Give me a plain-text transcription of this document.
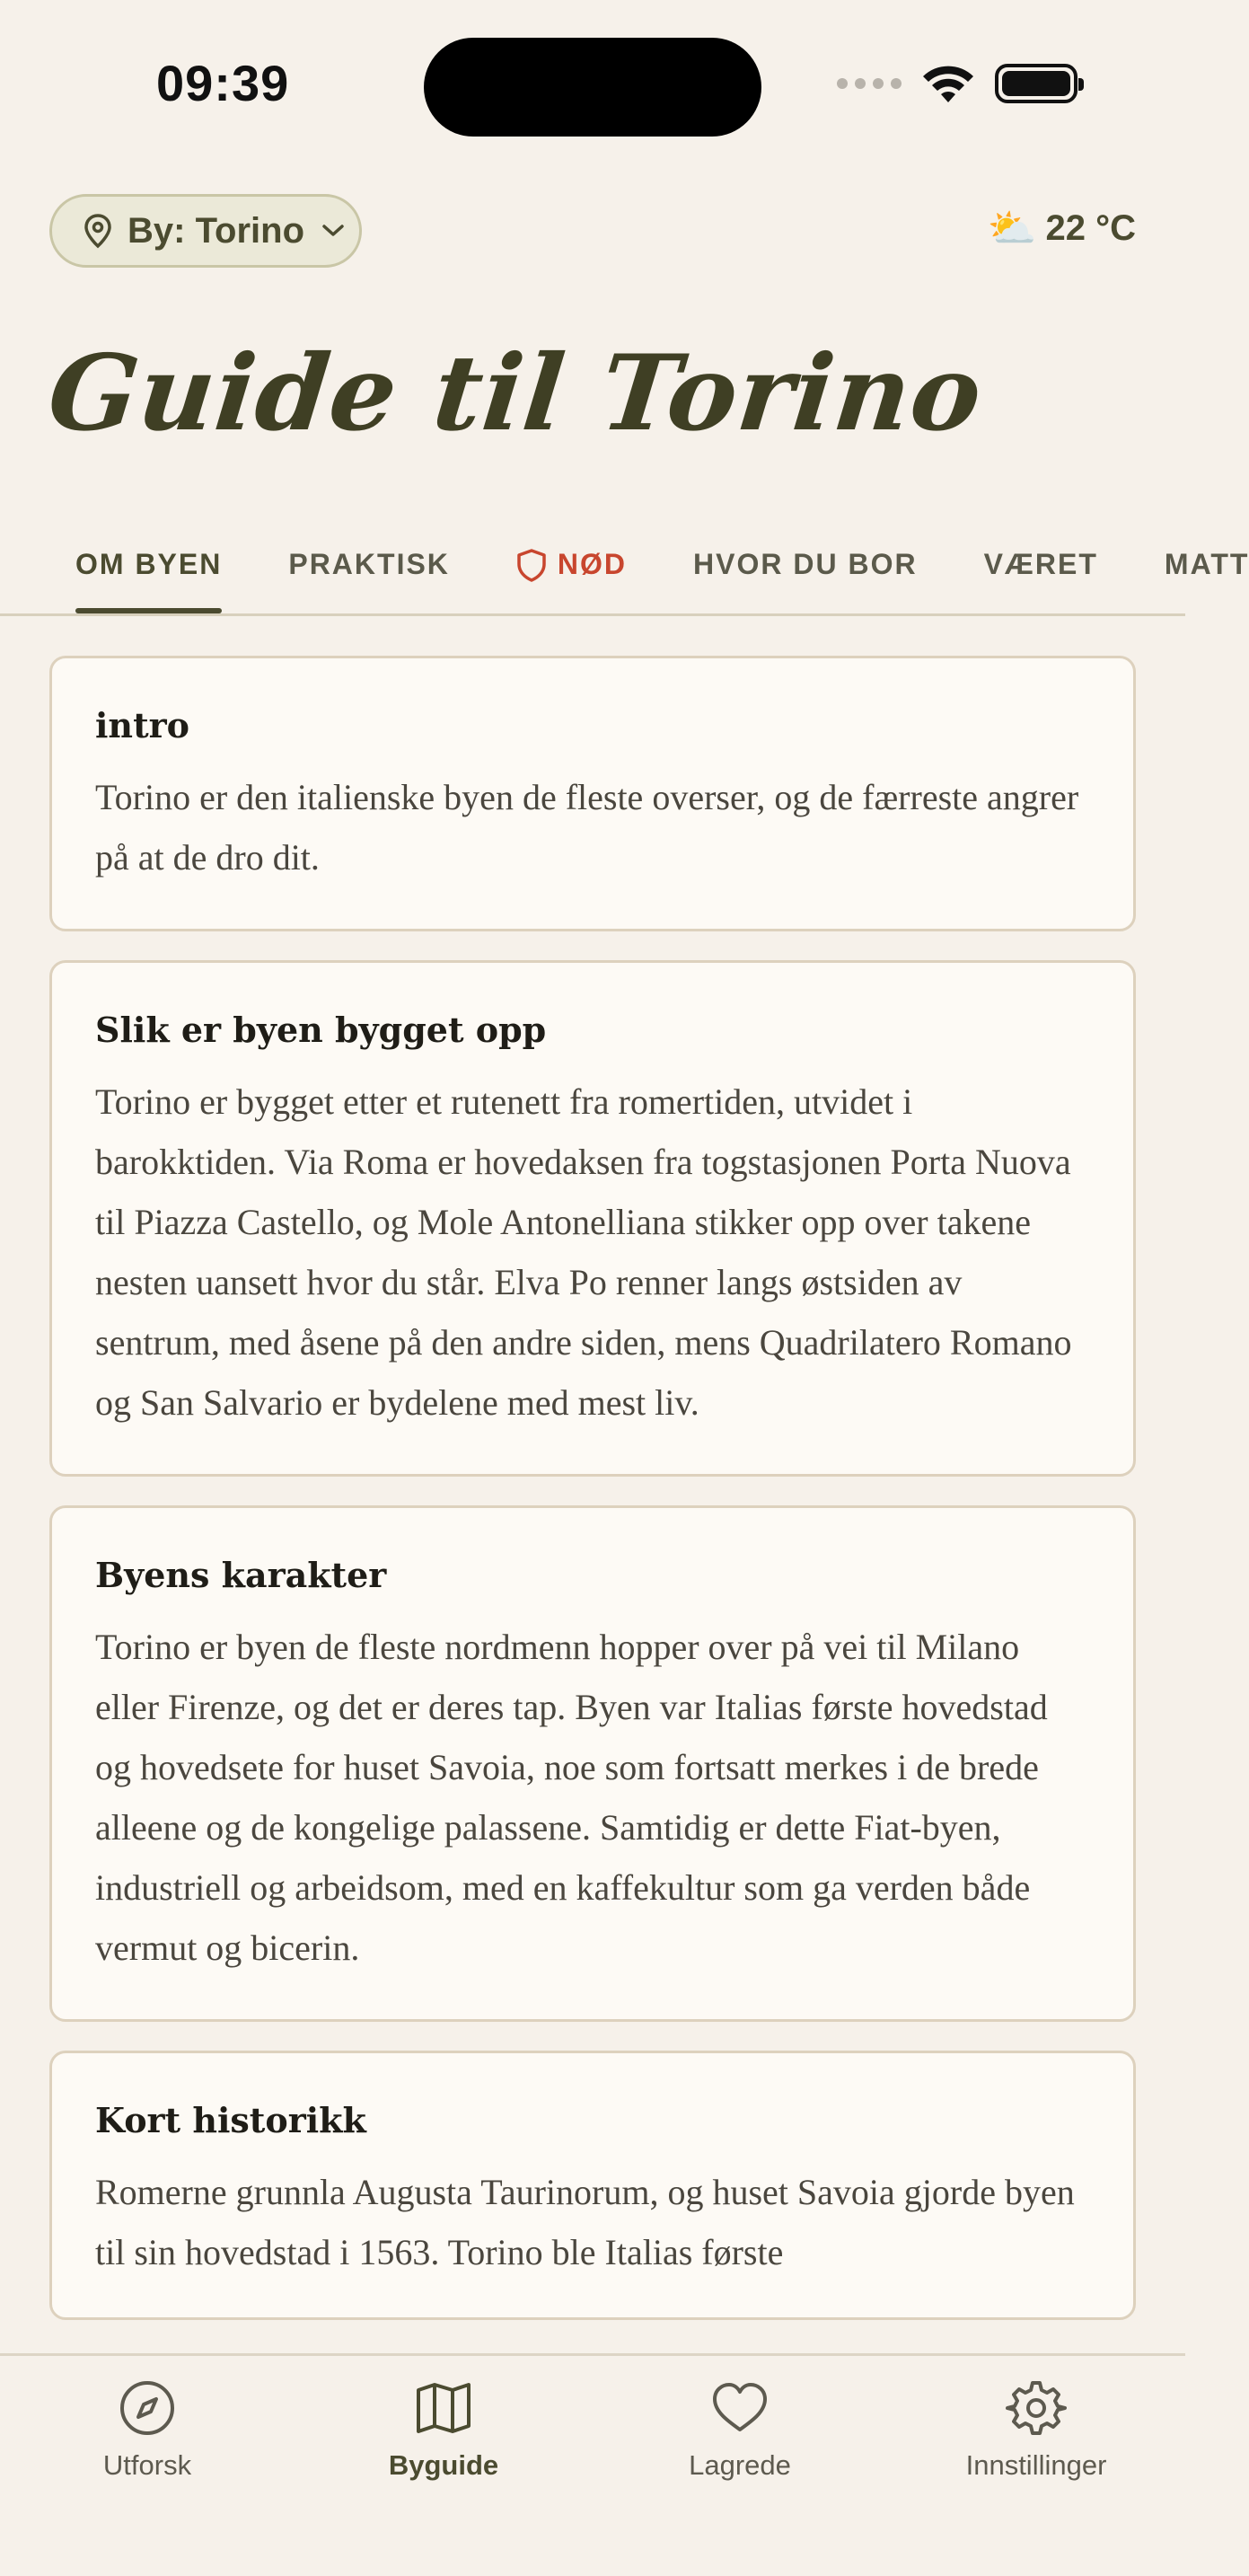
09:39
By: Torino	⛅ 22 °C
Guide til Torino
OM BYEN PRAKTISK	NØD HVOR DU BOR VÆRET MATT
intro

Torino er den italienske byen de fleste overser, og de færreste angrer på at de dro dit.

Slik er byen bygget opp

Torino er bygget etter et rutenett fra romertiden, utvidet i barokktiden. Via Roma er hovedaksen fra togstasjonen Porta Nuova til Piazza Castello, og Mole Antonelliana stikker opp over takene nesten uansett hvor du står. Elva Po renner langs østsiden av sentrum, med åsene på den andre siden, mens Quadrilatero Romano og San Salvario er bydelene med mest liv.

Byens karakter

Torino er byen de fleste nordmenn hopper over på vei til Milano eller Firenze, og det er deres tap. Byen var Italias første hovedstad og hovedsete for huset Savoia, noe som fortsatt merkes i de brede alleene og de kongelige palassene. Samtidig er dette Fiat-byen, industriell og arbeidsom, med en kaffekultur som ga verden både vermut og bicerin.

Kort historikk

Romerne grunnla Augusta Taurinorum, og huset Savoia gjorde byen til sin hovedstad i 1563. Torino ble Italias første

Utforsk	Byguide	Lagrede	Innstillinger
